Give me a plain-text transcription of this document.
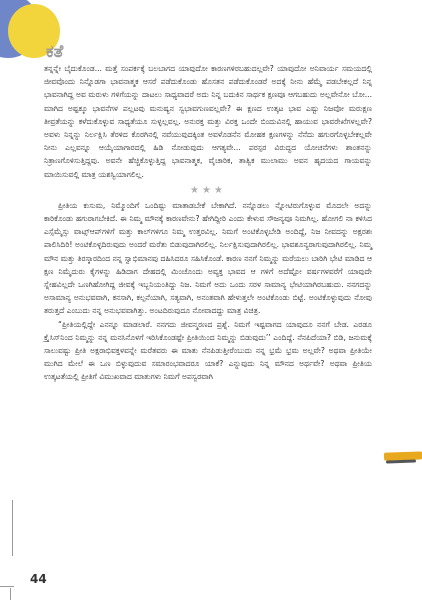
ಕತೆ

ತನ್ನನ್ನೇ ಬೈದುಕೊಂಡ... ಮತ್ತೆ ಸಂಪರ್ಕಕ್ಕೆ ಬಲಬಾಗದ ಯಾವುದೋ ಕಾರಣಗಳಿರಬಹುದಲ್ಲವೇ? ಯಾವುದೋ ಅನಿವಾರ್ಯ ಸಮಯದಲ್ಲಿ ಜೀವವೊಂದು ನಿನ್ನೊಡಗಾ ಭಾವನಾತ್ಮಕ ಆಸರೆ ಪಡೆದುಕೊಂಡು ಹೊಸತನ ಪಡೆದುಕೊಂಡರೆ ಅದಕ್ಕೆ ನೀನು ಹೆಮ್ಮೆ ಪಡಬೇಕಲ್ಲದೆ ನಿನ್ನ ಭಾವನಾಗಿದ್ದ ಅವ ಮರುಳು ಗಳಿಗೆಯನ್ನು ದಾಟಲು ಸಾಧ್ಯವಾದರೆ ಅದು ನಿನ್ನ ಬದುಕಿನ ಸಾರ್ಥಕ ಕ್ಷಣವೂ ಆಗಬಹುದು ಅಲ್ಲವೇನೋ ಬೋ... ಮಾಗಿದ ಅಷ್ಟಕ್ಕೂ ಭಾವನೆಗಳ ಪಲ್ಲಟವು ಮನುಷ್ಯನ ಸ್ವಭಾವಗುಣವಲ್ಲವೇ? ಈ ಕ್ಷಣದ ಉತ್ಕಟ ಭಾವ ಎಷ್ಟು ನಿಜವೋ ಮರುಕ್ಷಣ ತೀವ್ರತೆಯನ್ನು ಕಳೆದುಕೊಳ್ಳುವ ಸಾಧ್ಯತೆಯೂ ಸುಳ್ಳಲ್ಲವಲ್ಲ. ಅನುರಕ್ತ ಮತ್ತು ವಿರಕ್ತ ಒಂದೇ ಬಿಂದುವಿನಲ್ಲಿ ಹಾಯುವ ಭಾವರೇಖೆಗಳಲ್ಲವೇ? ಅವಳು ನಿನ್ನನ್ನು ನಿರ್ಲಕ್ಷಿಸಿ ತೆರಳಿದ ಕೊರಗಿನಲ್ಲಿ ನವೆಯುವುದಕ್ಕಿಂತ ಅವಳೊಡನೆನ ಮೋಹಕ ಕ್ಷಣಗಳನ್ನು ನೆನೆದು ಹಗುರಗೊಳ್ಳಬೇಕಲ್ಲವೇ ನೀನು ಎಲ್ಲವನ್ನೂ ಆಯ್ಕೆಯಾಗಾರದಲ್ಲಿ ಹಿಡಿ ನೋಡುವುದು ಆಗತ್ಯವೇ... ಪರಸ್ಪರ ವಿರುದ್ಧದ ಯೋಚನೆಗಳು ಶಾಂತನನ್ನು ನಿತ್ರಾಣಗೊಳಿಸುತ್ತಿದ್ದವು. ಅವನೇ ಹೆಚ್ಚಿಕೊಳ್ಳುತ್ತಿದ್ದ ಭಾವನಾತ್ಮಕ, ವೈಚಾರಿಕ, ತಾತ್ವಿಕ ಮುಲಾಮು ಅವನ ಹೃದಯದ ಗಾಯವನ್ನು ಮಾಯಿಸುವಲ್ಲಿ ಮಾತ್ರ ಯಶಸ್ವಿಯಾಗಲಿಲ್ಲ.

★★★

ಪ್ರೀತಿಯ ಕುಸುಮ, ನಿಮ್ಮೊಂದಿಗೆ ಒಂದಿಷ್ಟು ಮಾತಾಡಬೇಕೆ ಬೇಕಾಗಿದೆ. ನನ್ನೊಡಲು ನ್ನೋಟಿರುಗೊಳ್ಳುವ ಮೊದಲೇ ಅದನ್ನು ಕಾರಿಕೊಂಡು ಹಗುರಾಗಬೇಕಿದೆ. ಈ ನಿಮ್ಮ ಮೌನಕ್ಕೆ ಕಾರಣವೇನು? ಹೇಗಿದ್ದೀರಿ ಎಂದು ಕೇಳುವ ಸೌಜನ್ಯವೂ ನಿಮಗಿಲ್ಲ. ಹೋಗಲಿ ನಾ ಕಳಿಸಿದ ಎಸ್ಸೆಮ್ಮೆಸ್ಸು ವಾಟ್ಸ್‌ಆಪ್‌ಗಳಿಗೆ ಮತ್ತು ಕಾಲ್‌ಗಳಿಗೂ ನಿಮ್ಮ ಉತ್ತರವಿಲ್ಲ. ನಿಮಗೆ ಅಂಟಿಕೊಳ್ಳಬೇಡಿ ಅಂದಿದ್ದೆ, ನಿಜ ನೀವದನ್ನು ಅಕ್ಷರಶಃ ಪಾಲಿಸಿದಿರಿ! ಅಂಟಿಕೊಳ್ಳದಿರುವುದು ಅಂದರೆ ಮರೆತು ಬಿಡುವುದಾಗಿರಲಿಲ್ಲ. ನಿರ್ಲಕ್ಷಿಸುವುದಾಗಿರಲಿಲ್ಲ. ಭಾವಶೂನ್ಯರಾಗುವುದಾಗಿರಲಿಲ್ಲ. ನಿಮ್ಮ ಮೌನ ಮತ್ತು ತಿರಸ್ಕಾರದಿಂದ ನನ್ನ ಸ್ವಾಭಿಮಾನವು ದಹಿಸಿದರೂ ಸಹಿಸಿಕೊಂಡೆ. ಕಾರಣ ನನಗೆ ನಿಮ್ಮನ್ನು ಮರೆಯಲು ಬಾರಿಗಿ ಭೇಟಿ ಮಾಡಿದ ಆ ಕ್ಷಣ ನಿಮ್ಮೆದುರು ಕೈಗಳನ್ನು ಹಿಡಿದಾಗ ದೇಹದಲ್ಲಿ ಮಿಂಚೊಂದು ಅವ್ಯಕ್ತ ಭಾವದ ಆ ಗಳಿಗೆ ಅದೆಷ್ಟೋ ವರ್ಷಗಳವರೆಗೆ ಯಾವುದೇ ಸ್ನೇಹವಿಲ್ಲದೇ ಒಣಗಿಹೋಗಿದ್ದ ಜೀವಕ್ಕೆ ಇಬ್ಬನಿಯಂತಿದ್ದು ನಿಜ. ನಿಮಗೆ ಅದು ಒಂದು ಸರಳ ಸಾಮಾನ್ಯ ಭೇಟಿಯಾಗಿರಬಹುದು. ನನಗದನ್ನು ಅಸಾಮಾನ್ಯ ಅನುಭವವಾಗಿ, ಕನಸಾಗಿ, ಕಲ್ಪನೆಯಾಗಿ, ಸತ್ಯವಾಗಿ, ಅನಂತವಾಗಿ ಹೇಳುತ್ತಲೇ ಅಂಟಿಕೊಂಡು ಬಿಟ್ಟೆ. ಅಂಟಿಕೊಳ್ಳುವುದು ನೋವು ತರುತ್ತದೆ ಎಂಬುದು ನನ್ನ ಅನುಭವವಾಗಿತ್ತು. ಅಂಟದಿರುವುದೂ ನೋವಾದದ್ದು ಮಾತ್ರ ವಿಚಿತ್ರ.

“ಪ್ರೀತಿಯಲ್ಲಿದ್ದೇ ಎನನ್ನೂ ಮಾಡಲಾರೆ. ನನಗದು ಜೀವನ್ಮರಣದ ಪ್ರಶ್ನೆ. ನಿಮಗೆ ಇಷ್ಟವಾಗದ ಯಾವುದೂ ನನಗೆ ಬೇಡ. ಎರಡೂ ಕ್ರೈಸಿಸ್‌ನಿಂದ ನಿಮ್ಮನ್ನು ನನ್ನ ಮನಸಿನೊಳಗೆ ಇರಿಸಿಕೊಂಡಷ್ಟೇ ಪ್ರೀತಿಯಿಂದ ನಿಮ್ಮನ್ನು ಬಿಡುವುದು’’ ಎಂದಿದ್ದೆ. ನೆನಪಿದೆಯಾ? ಬಿಡಿ, ಜನುಮಕ್ಕೆ ಸಾಲುವಷ್ಟು ಪ್ರೀತಿ ಅಕ್ಷರಾಭಿವಕ್ತಳವನ್ನೇ ಮರೆತವರು ಈ ಮಾತು ನೆನಪಿಡುತ್ತೀರೆಂಬುದು ನನ್ನ ಭ್ರಮೆ ಭ್ರಮ ಅಲ್ಲವೇ? ಅಥವಾ ಪ್ರೀತಿಯೇ ಮುಗಿದ ಮೇಲೆ ಈ ಒಣ ಬಿಳ್ಳುವುದುವ ಸಮಾರಂಭವಾದರೂ ಯಾಕೆ? ಎನ್ನುವುದು ನಿನ್ನ ಮೌನದ ಅರ್ಥವೇ? ಅಥವಾ ಪ್ರೀತಿಯ ಉತ್ಕಟತೆಯಲ್ಲಿ ಪ್ರೀತಿಗೆ ವಿಮುಖವಾದ ಮಾತುಗಳು ನಿಮಗೆ ಅಪಸ್ವರವಾಗಿ

44
